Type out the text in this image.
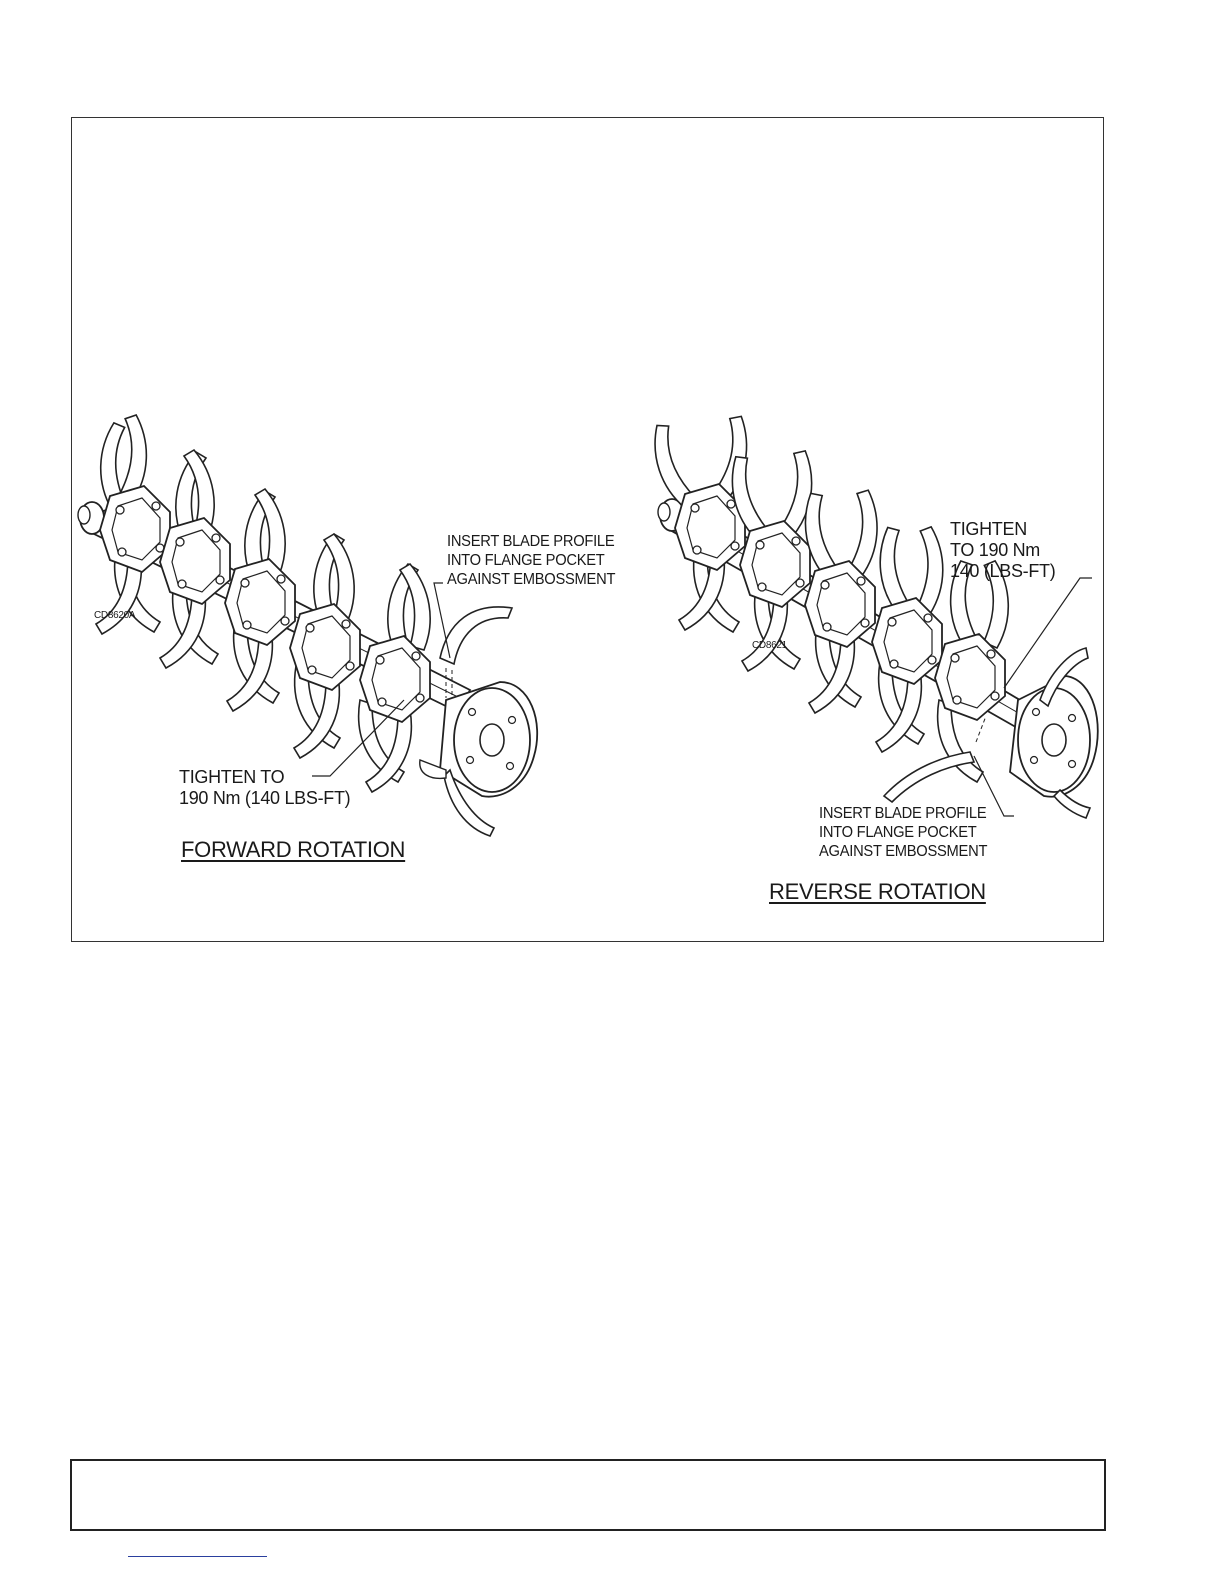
CD8620A
INSERT BLADE PROFILE
INTO FLANGE POCKET
AGAINST EMBOSSMENT
TIGHTEN TO
190 Nm (140 LBS-FT)
FORWARD ROTATION
CD8621
TIGHTEN
TO 190 Nm
140 (LBS-FT)
INSERT BLADE PROFILE
INTO FLANGE POCKET
AGAINST EMBOSSMENT
REVERSE ROTATION
